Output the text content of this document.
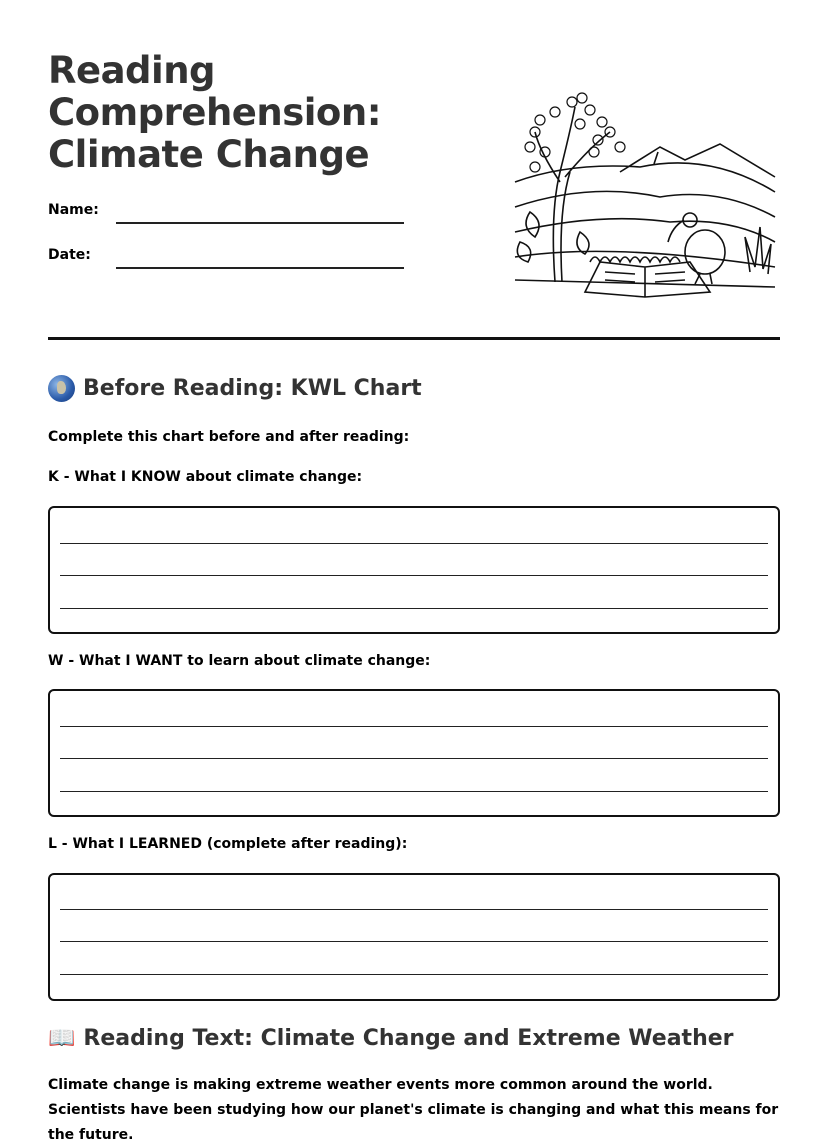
Reading
Comprehension:
Climate Change
Name:
Date:
Before Reading: KWL Chart
Complete this chart before and after reading:
K - What I KNOW about climate change:
W - What I WANT to learn about climate change:
L - What I LEARNED (complete after reading):
📖 Reading Text: Climate Change and Extreme Weather
Climate change is making extreme weather events more common around the world. Scientists have been studying how our planet's climate is changing and what this means for the future.
